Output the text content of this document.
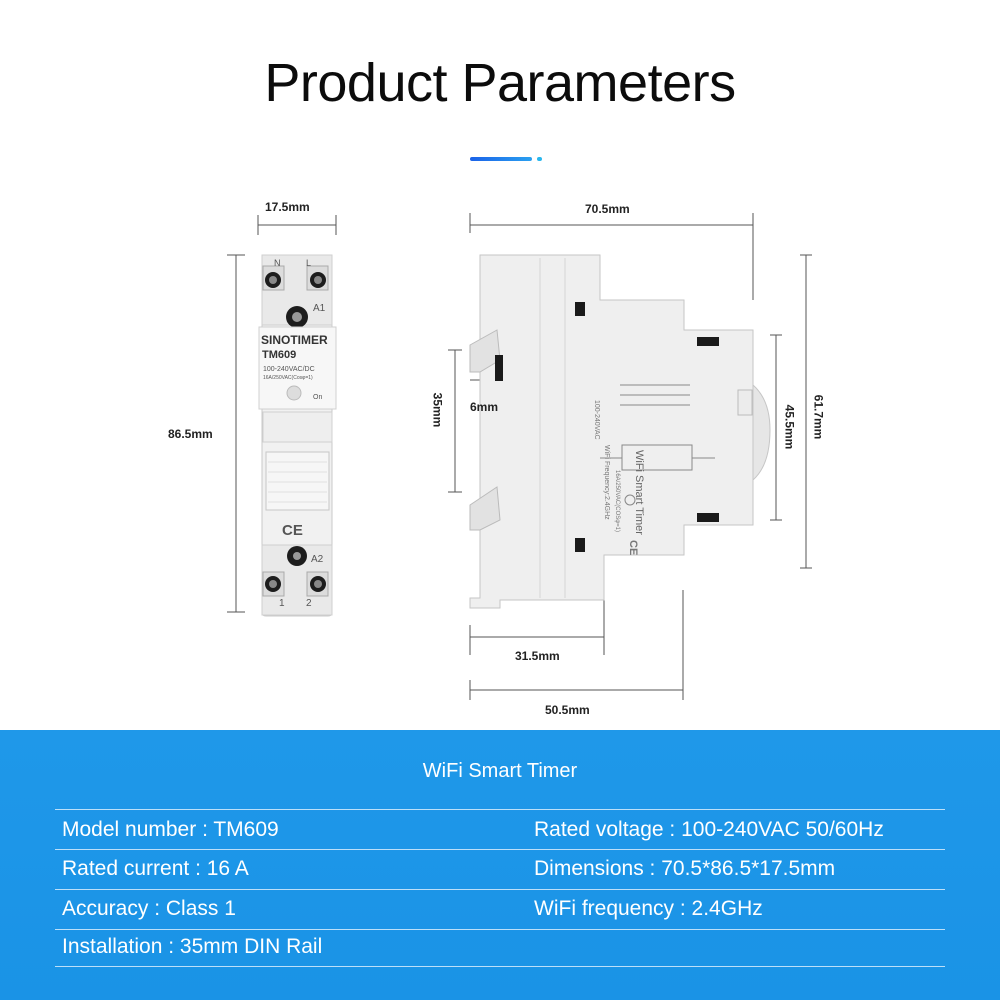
Product Parameters
CE
CE
17.5mm
86.5mm
N	L
A1
SINOTIMER
TM609
100-240VAC/DC
16A/250VAC(Cosφ=1)
On
A2
1 2
WiFi Smart Timer
100-240VAC
WiFi Frequency:2.4GHz 16A/250VAC(COSφ=1)
70.5mm
6mm
35mm	45.5mm 61.7mm
31.5mm
50.5mm
WiFi Smart Timer
Model number : TM609	Rated voltage : 100-240VAC 50/60Hz
Rated current : 16 A	Dimensions : 70.5*86.5*17.5mm
Accuracy : Class 1	WiFi frequency : 2.4GHz
Installation : 35mm DIN Rail
